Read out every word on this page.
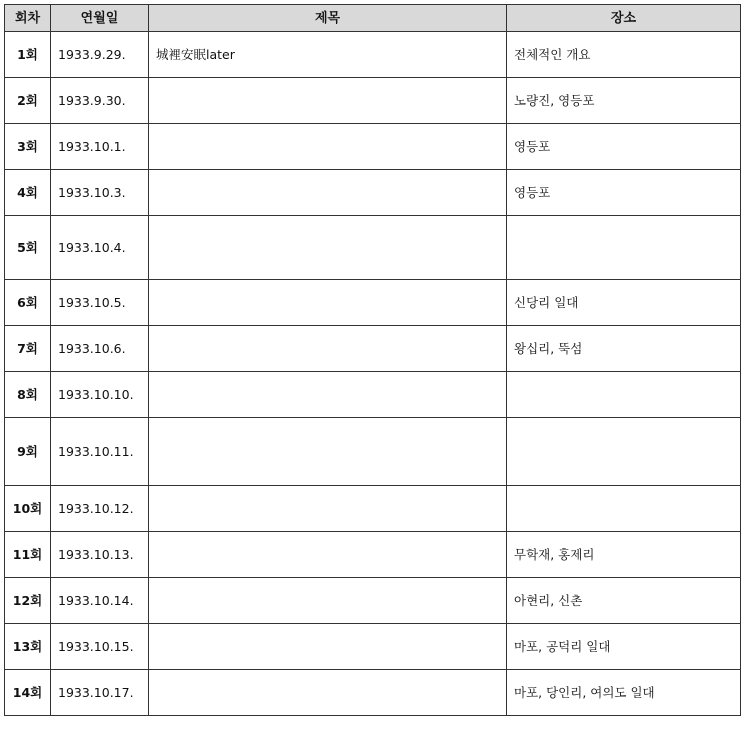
회차	연월일	제목	장소
1회	1933.9.29.	城裡安眠later	전체적인 개요
2회	1933.9.30.		노량진, 영등포
3회	1933.10.1.		영등포
4회	1933.10.3.		영등포
5회	1933.10.4.		
6회	1933.10.5.		신당리 일대
7회	1933.10.6.		왕십리, 뚝섬
8회	1933.10.10.		
9회	1933.10.11.		
10회	1933.10.12.		
11회	1933.10.13.		무학재, 홍제리
12회	1933.10.14.		아현리, 신촌
13회	1933.10.15.		마포, 공덕리 일대
14회	1933.10.17.		마포, 당인리, 여의도 일대
